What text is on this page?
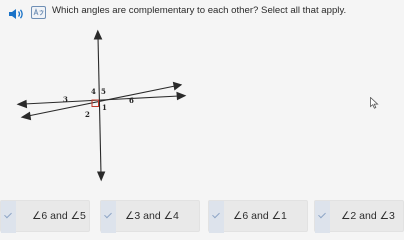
Which angles are complementary to each other? Select all that apply.
1
2
3
4 5
6
∠6 and ∠5	∠3 and ∠4	∠6 and ∠1	∠2 and ∠3
